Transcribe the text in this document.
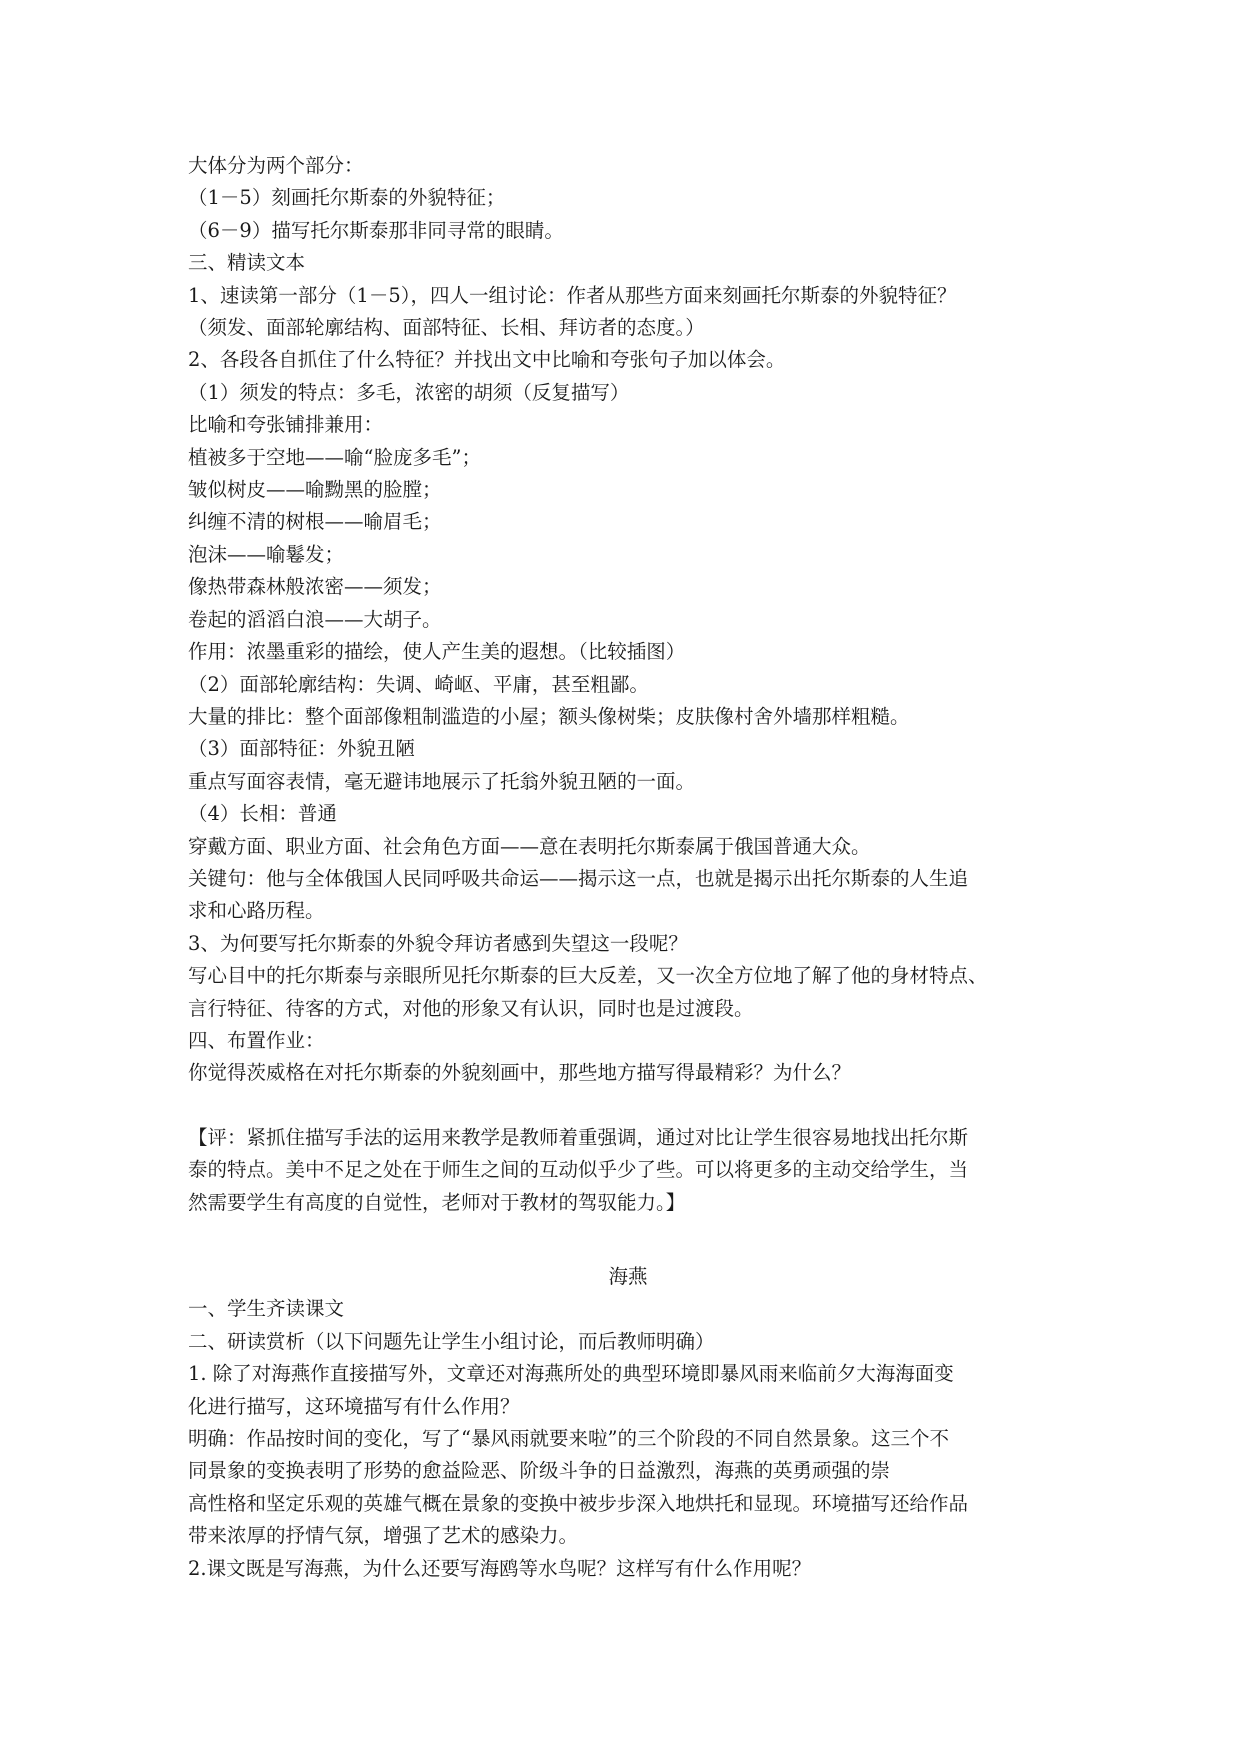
大体分为两个部分：

（1－5）刻画托尔斯泰的外貌特征；

（6－9）描写托尔斯泰那非同寻常的眼睛。

三、精读文本

1、速读第一部分（1－5），四人一组讨论：作者从那些方面来刻画托尔斯泰的外貌特征？

（须发、面部轮廓结构、面部特征、长相、拜访者的态度。）

2、各段各自抓住了什么特征？并找出文中比喻和夸张句子加以体会。

（1）须发的特点：多毛，浓密的胡须（反复描写）

比喻和夸张铺排兼用：

植被多于空地——喻“脸庞多毛”；

皱似树皮——喻黝黑的脸膛；

纠缠不清的树根——喻眉毛；

泡沫——喻鬈发；

像热带森林般浓密——须发；

卷起的滔滔白浪——大胡子。

作用：浓墨重彩的描绘，使人产生美的遐想。（比较插图）

（2）面部轮廓结构：失调、崎岖、平庸，甚至粗鄙。

大量的排比：整个面部像粗制滥造的小屋；额头像树柴；皮肤像村舍外墙那样粗糙。

（3）面部特征：外貌丑陋

重点写面容表情，毫无避讳地展示了托翁外貌丑陋的一面。

（4）长相：普通

穿戴方面、职业方面、社会角色方面——意在表明托尔斯泰属于俄国普通大众。

关键句：他与全体俄国人民同呼吸共命运——揭示这一点，也就是揭示出托尔斯泰的人生追

求和心路历程。

3、为何要写托尔斯泰的外貌令拜访者感到失望这一段呢？

写心目中的托尔斯泰与亲眼所见托尔斯泰的巨大反差，又一次全方位地了解了他的身材特点、

言行特征、待客的方式，对他的形象又有认识，同时也是过渡段。

四、布置作业：

你觉得茨威格在对托尔斯泰的外貌刻画中，那些地方描写得最精彩？为什么？

【评：紧抓住描写手法的运用来教学是教师着重强调，通过对比让学生很容易地找出托尔斯

泰的特点。美中不足之处在于师生之间的互动似乎少了些。可以将更多的主动交给学生，当

然需要学生有高度的自觉性，老师对于教材的驾驭能力。】

海燕

一、学生齐读课文

二、研读赏析（以下问题先让学生小组讨论，而后教师明确）

1. 除了对海燕作直接描写外，文章还对海燕所处的典型环境即暴风雨来临前夕大海海面变

化进行描写，这环境描写有什么作用？

明确：作品按时间的变化，写了“暴风雨就要来啦”的三个阶段的不同自然景象。这三个不

同景象的变换表明了形势的愈益险恶、阶级斗争的日益激烈，海燕的英勇顽强的崇

高性格和坚定乐观的英雄气概在景象的变换中被步步深入地烘托和显现。环境描写还给作品

带来浓厚的抒情气氛，增强了艺术的感染力。

2.课文既是写海燕，为什么还要写海鸥等水鸟呢？这样写有什么作用呢？
